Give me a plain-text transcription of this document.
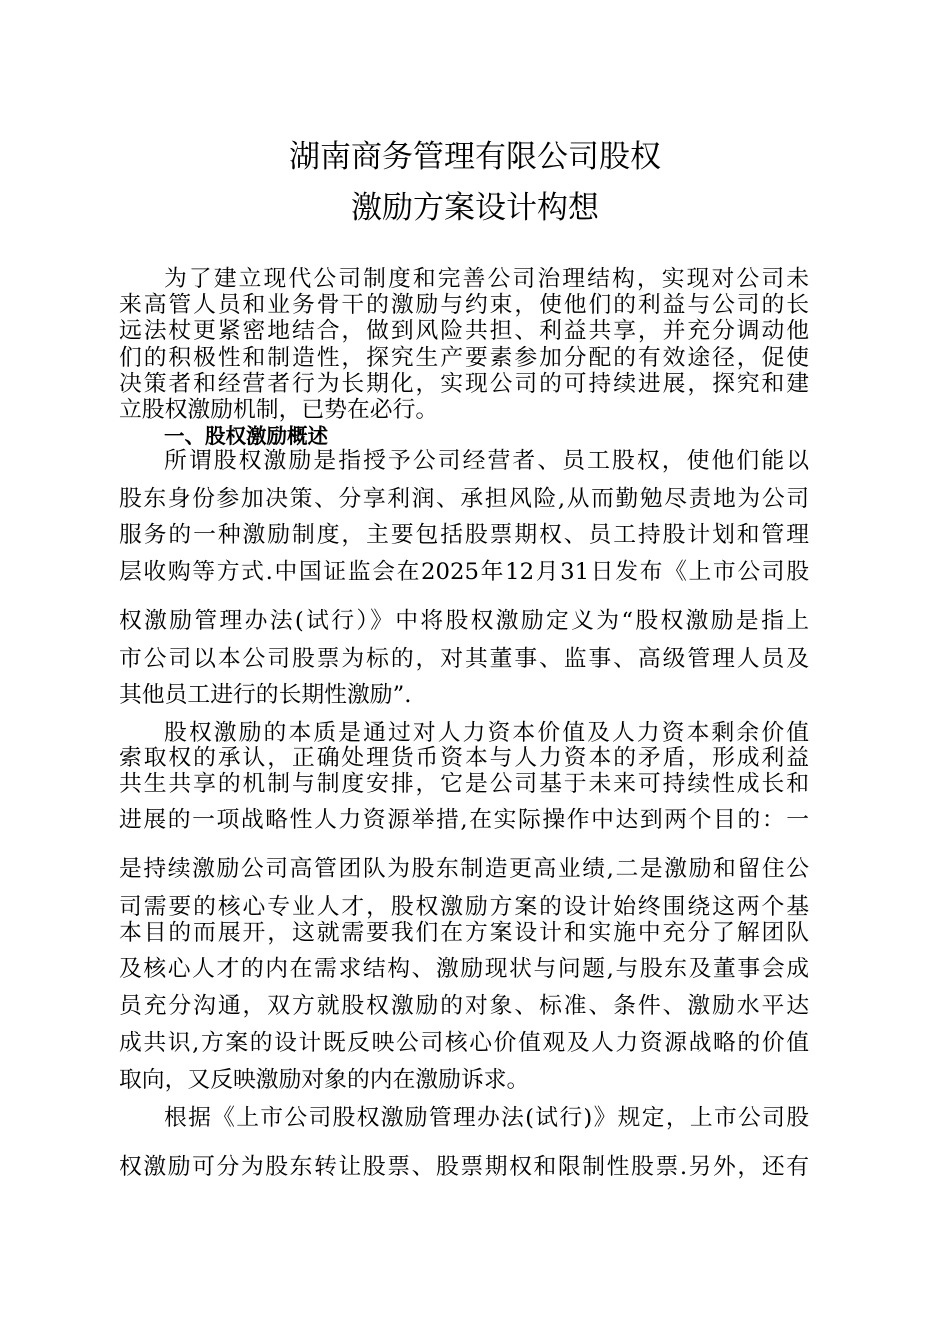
湖南商务管理有限公司股权
激励方案设计构想
为了建立现代公司制度和完善公司治理结构，实现对公司未
来高管人员和业务骨干的激励与约束，使他们的利益与公司的长
远法杖更紧密地结合，做到风险共担、利益共享，并充分调动他
们的积极性和制造性，探究生产要素参加分配的有效途径，促使
决策者和经营者行为长期化，实现公司的可持续进展，探究和建
立股权激励机制，已势在必行。
一、股权激励概述
所谓股权激励是指授予公司经营者、员工股权，使他们能以
股东身份参加决策、分享利润、承担风险,从而勤勉尽责地为公司
服务的一种激励制度，主要包括股票期权、员工持股计划和管理
层收购等方式.中国证监会在2025年12月31日发布《上市公司股
权激励管理办法(试行）》中将股权激励定义为“股权激励是指上
市公司以本公司股票为标的，对其董事、监事、高级管理人员及
其他员工进行的长期性激励”.
股权激励的本质是通过对人力资本价值及人力资本剩余价值
索取权的承认，正确处理货币资本与人力资本的矛盾，形成利益
共生共享的机制与制度安排，它是公司基于未来可持续性成长和
进展的一项战略性人力资源举措,在实际操作中达到两个目的：一
是持续激励公司高管团队为股东制造更高业绩,二是激励和留住公
司需要的核心专业人才，股权激励方案的设计始终围绕这两个基
本目的而展开，这就需要我们在方案设计和实施中充分了解团队
及核心人才的内在需求结构、激励现状与问题,与股东及董事会成
员充分沟通，双方就股权激励的对象、标准、条件、激励水平达
成共识,方案的设计既反映公司核心价值观及人力资源战略的价值
取向，又反映激励对象的内在激励诉求。
根据《上市公司股权激励管理办法(试行)》规定，上市公司股
权激励可分为股东转让股票、股票期权和限制性股票.另外，还有
